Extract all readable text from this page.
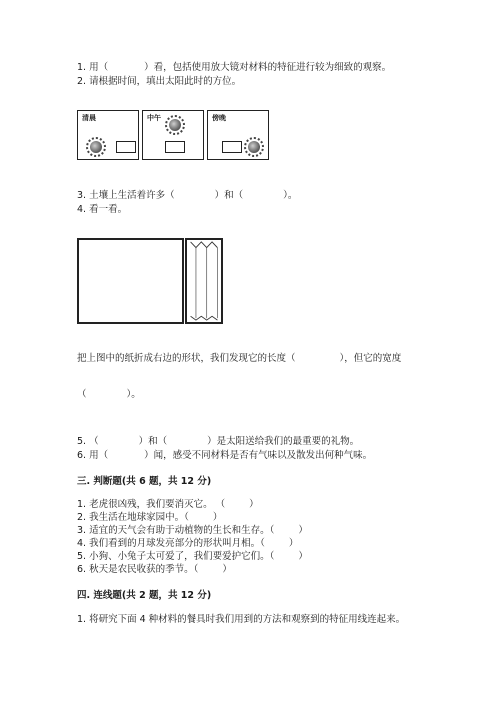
1. 用（	）看，包括使用放大镜对材料的特征进行较为细致的观察。
2. 请根据时间，填出太阳此时的方位。
清晨	中午	傍晚
3. 土壤上生活着许多（	）和（	）。
4. 看一看。
把上图中的纸折成右边的形状，我们发现它的长度（	），但它的宽度
（	）。
5. （	）和（	）是太阳送给我们的最重要的礼物。
6. 用（	）闻，感受不同材料是否有气味以及散发出何种气味。
三. 判断题(共 6 题，共 12 分)
1. 老虎很凶残，我们要消灭它。 （	）
2. 我生活在地球家园中。（	）
3. 适宜的天气会有助于动植物的生长和生存。（	）
4. 我们看到的月球发亮部分的形状叫月相。（	）
5. 小狗、小兔子太可爱了，我们要爱护它们。（	）
6. 秋天是农民收获的季节。（	）
四. 连线题(共 2 题，共 12 分)
1. 将研究下面 4 种材料的餐具时我们用到的方法和观察到的特征用线连起来。
